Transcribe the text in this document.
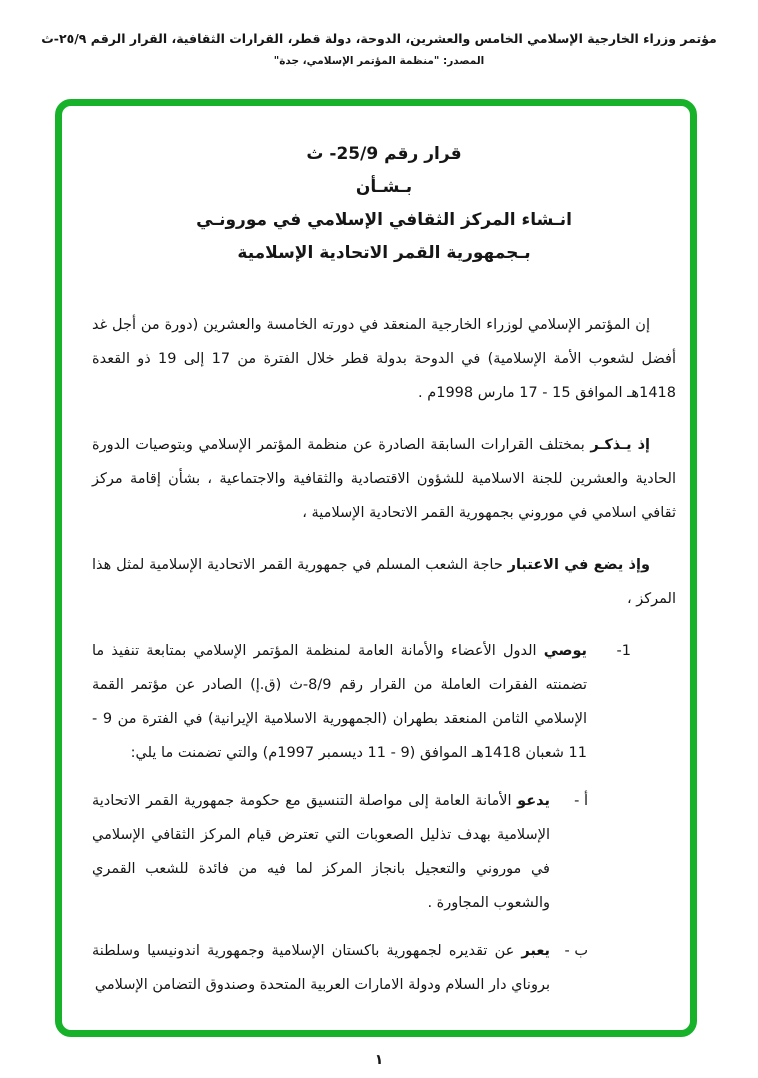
مؤتمر وزراء الخارجية الإسلامي الخامس والعشرين، الدوحة، دولة قطر، القرارات الثقافية، القرار الرقم ٢٥/٩-ث
المصدر: "منظمة المؤتمر الإسلامي، جدة"
قرار رقم 25/9- ث
بـشـأن
انـشاء المركز الثقافي الإسلامي في مورونـي
بـجمهورية القمر الاتحادية الإسلامية

إن المؤتمر الإسلامي لوزراء الخارجية المنعقد في دورته الخامسة والعشرين (دورة من أجل غد أفضل لشعوب الأمة الإسلامية) في الدوحة بدولة قطر خلال الفترة من 17 إلى 19 ذو القعدة 1418هـ الموافق 15 - 17 مارس 1998م .

إذ يـذكـر بمختلف القرارات السابقة الصادرة عن منظمة المؤتمر الإسلامي وبتوصيات الدورة الحادية والعشرين للجنة الاسلامية للشؤون الاقتصادية والثقافية والاجتماعية ، بشأن إقامة مركز ثقافي اسلامي في موروني بجمهورية القمر الاتحادية الإسلامية ،

وإذ يضع في الاعتبار حاجة الشعب المسلم في جمهورية القمر الاتحادية الإسلامية لمثل هذا المركز ،

1-
يوصي الدول الأعضاء والأمانة العامة لمنظمة المؤتمر الإسلامي بمتابعة تنفيذ ما تضمنته الفقرات العاملة من القرار رقم 8/9-ث (ق.إ) الصادر عن مؤتمر القمة الإسلامي الثامن المنعقد بطهران (الجمهورية الاسلامية الإيرانية) في الفترة من 9 - 11 شعبان 1418هـ الموافق (9 - 11 ديسمبر 1997م) والتي تضمنت ما يلي:
أ -
يدعو الأمانة العامة إلى مواصلة التنسيق مع حكومة جمهورية القمر الاتحادية الإسلامية بهدف تذليل الصعوبات التي تعترض قيام المركز الثقافي الإسلامي في موروني والتعجيل بانجاز المركز لما فيه من فائدة للشعب القمري والشعوب المجاورة .
ب -
يعبر عن تقديره لجمهورية باكستان الإسلامية وجمهورية اندونيسيا وسلطنة بروناي دار السلام ودولة الامارات العربية المتحدة وصندوق التضامن الإسلامي
١
